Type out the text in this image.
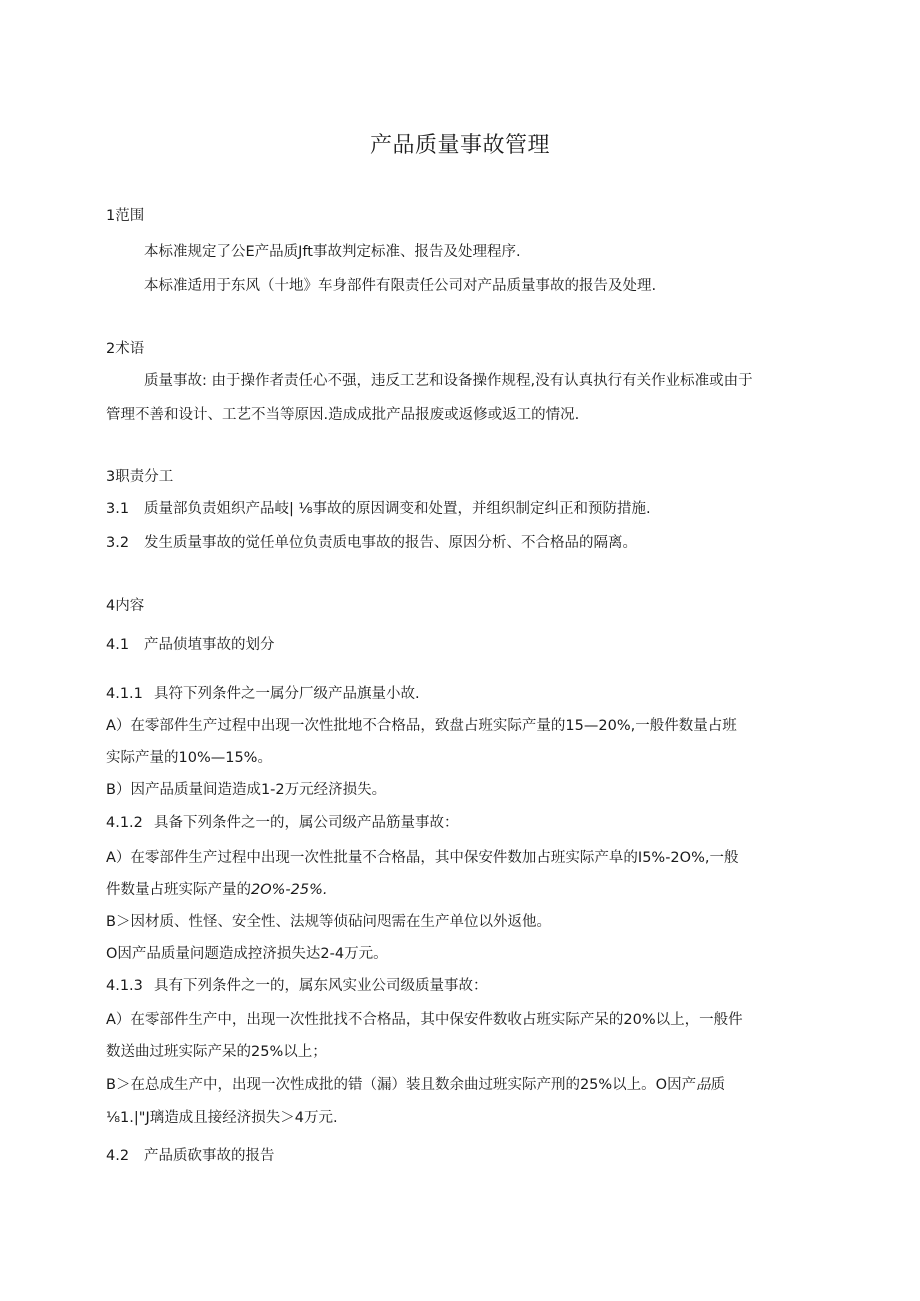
产品质量事故管理
1范围
本标准规定了公E产品质Jft事故判定标准、报告及处理程序.
本标准适用于东风（十地》车身部件有限责任公司对产品质量事故的报告及处理.
2术语
质量事故: 由于操作者责任心不强，违反工艺和设备操作规程,没有认真执行有关作业标准或由于
管理不善和设计、工艺不当等原因.造成成批产品报废或返修或返工的情况.
3职责分工
3.1 质量部负责姐织产品岐| ⅛事故的原因调变和处置，并组织制定纠正和预防措施.
3.2 发生质量事故的觉任单位负责质电事故的报告、原因分析、不合格品的隔离。
4内容
4.1 产品侦埴事故的划分
4.1.1 具符下列条件之一属分厂级产品旗量小故.
A）在零部件生产过程中出现一次性批地不合格品，致盘占班实际产量的15—20%,一般件数量占班
实际产量的10%—15%。
B）因产品质量间造造成1-2万元经济损失。
4.1.2 具备下列条件之一的，属公司级产品筋量事故：
A）在零部件生产过程中出现一次性批量不合格晶，其中保安件数加占班实际产阜的I5%-2O%,一般
件数量占班实际产量的2O%-25%.
B＞因材质、性怪、安全性、法规等侦砧问咫需在生产单位以外返他。
O因产品质量问题造成控济损失达2-4万元。
4.1.3 具有下列条件之一的，属东风实业公司级质量事故：
A）在零部件生产中，出现一次性批找不合格品，其中保安件数收占班实际产呆的20%以上，一般件
数送曲过班实际产呆的25%以上；
B＞在总成生产中，出现一次性成批的错（漏）装且数余曲过班实际产刑的25%以上。O因产品质
⅛1.|"J璃造成且接经济损失＞4万元.
4.2 产品质砍事故的报告
